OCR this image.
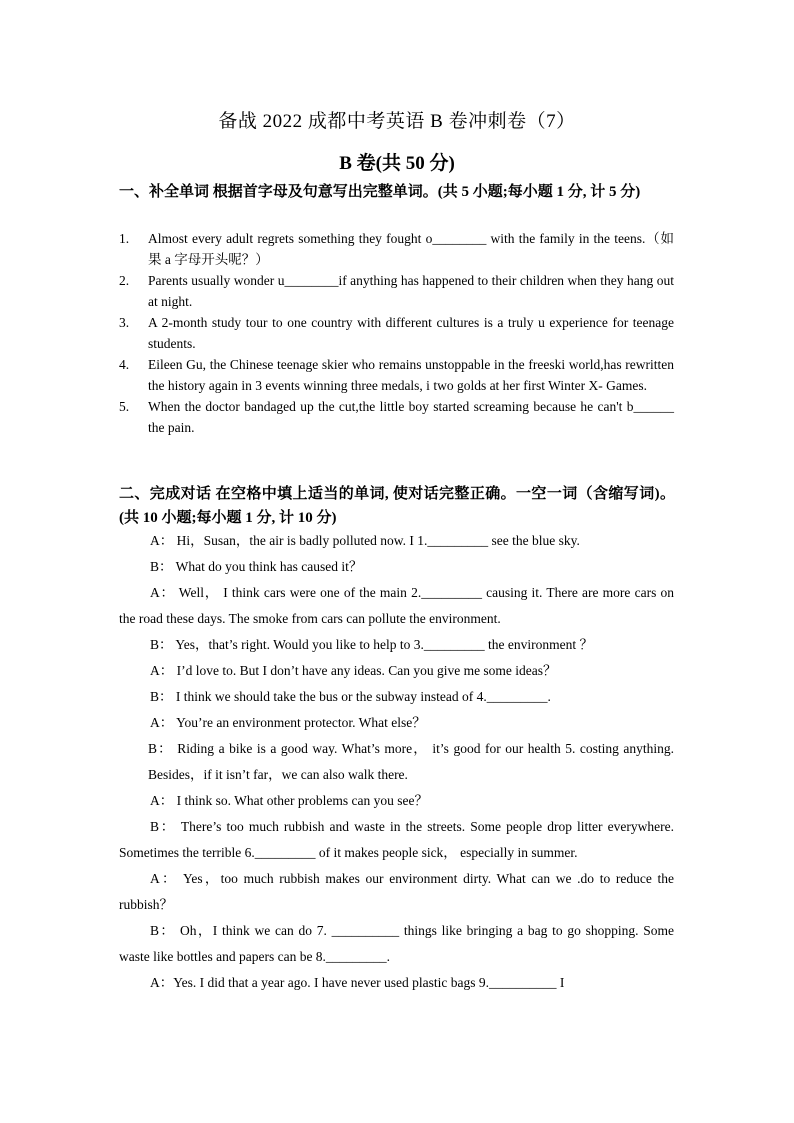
备战 2022 成都中考英语 B 卷冲刺卷（7）
B 卷(共 50 分)
一、补全单词 根据首字母及句意写出完整单词。(共 5 小题;每小题 1 分, 计 5 分)
1. Almost every adult regrets something they fought o________ with the family in the teens.（如果 a 字母开头呢？）
2. Parents usually wonder u________if anything has happened to their children when they hang out at night.
3. A 2-month study tour to one country with different cultures is a truly u experience for teenage students.
4. Eileen Gu, the Chinese teenage skier who remains unstoppable in the freeski world,has rewritten the history again in 3 events winning three medals, i two golds at her first Winter X- Games.
5. When the doctor bandaged up the cut,the little boy started screaming because he can't b______ the pain.
二、完成对话 在空格中填上适当的单词, 使对话完整正确。一空一词（含缩写词)。(共 10 小题;每小题 1 分, 计 10 分)

A： Hi，Susan，the air is badly polluted now. I 1._________ see the blue sky.

B： What do you think has caused it？

A： Well， I think cars were one of the main 2._________ causing it. There are more cars on the road these days. The smoke from cars can pollute the environment.

B： Yes，that’s right. Would you like to help to 3._________ the environment ？

A： I’d love to. But I don’t have any ideas. Can you give me some ideas？

B： I think we should take the bus or the subway instead of 4._________.

A： You’re an environment protector. What else？

B： Riding a bike is a good way. What’s more， it’s good for our health 5. costing anything. Besides，if it isn’t far，we can also walk there.

A： I think so. What other problems can you see？

B： There’s too much rubbish and waste in the streets. Some people drop litter everywhere. Sometimes the terrible 6._________ of it makes people sick， especially in summer.

A： Yes，too much rubbish makes our environment dirty. What can we .do to reduce the rubbish？

B： Oh，I think we can do 7. __________ things like bringing a bag to go shopping. Some waste like bottles and papers can be 8._________.

A：Yes. I did that a year ago. I have never used plastic bags 9.__________ I
